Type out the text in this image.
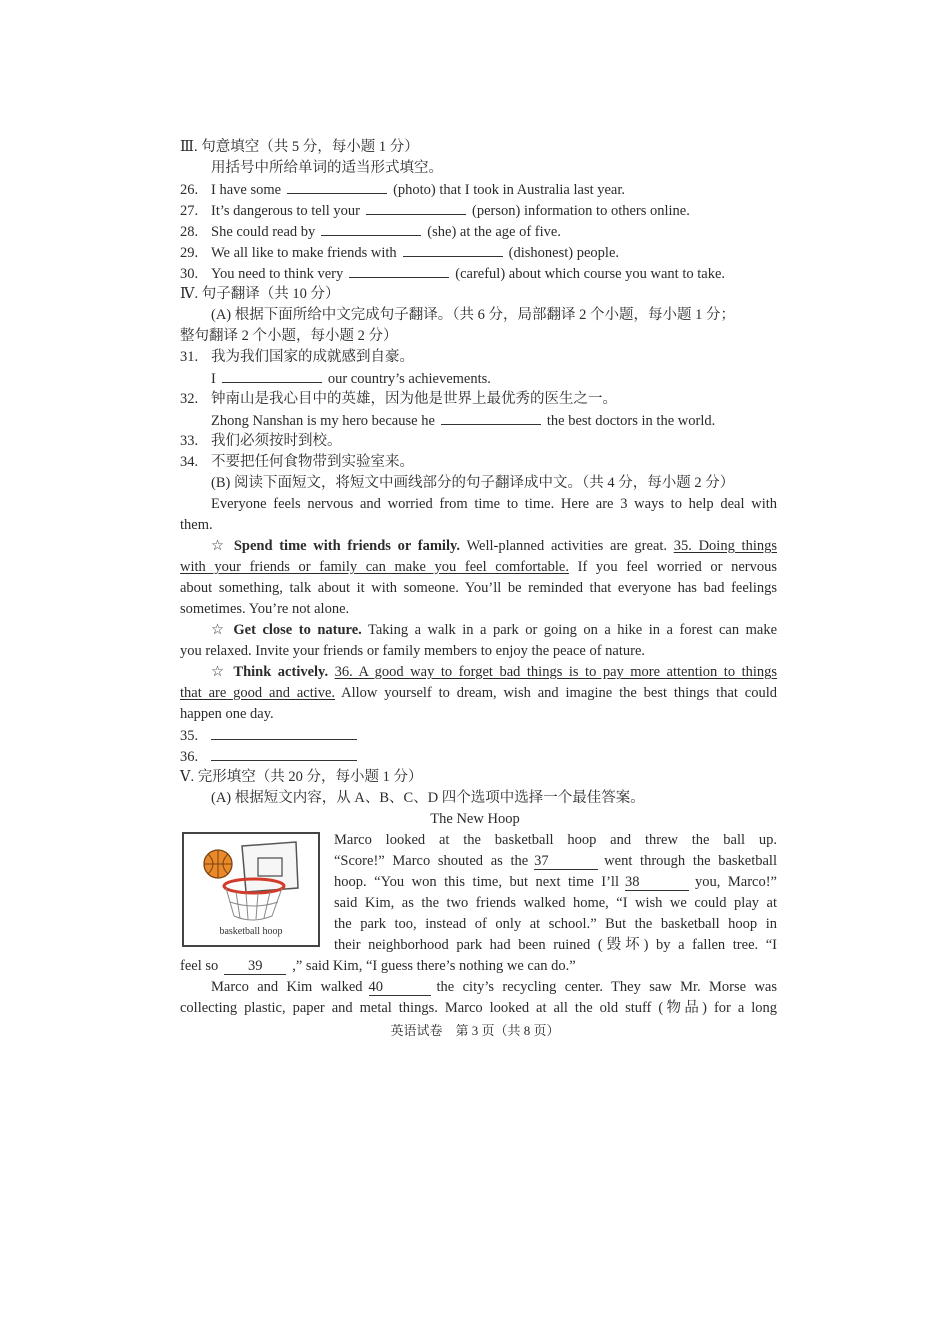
Ⅲ. 句意填空（共 5 分，每小题 1 分）
用括号中所给单词的适当形式填空。
26. I have some	(photo) that I took in Australia last year.
27. It’s dangerous to tell your	(person) information to others online.
28. She could read by	(she) at the age of five.
29. We all like to make friends with	(dishonest) people.
30. You need to think very	(careful) about which course you want to take.
Ⅳ. 句子翻译（共 10 分）
(A) 根据下面所给中文完成句子翻译。（共 6 分，局部翻译 2 个小题，每小题 1 分；
整句翻译 2 个小题，每小题 2 分）
31. 我为我们国家的成就感到自豪。
I	our country’s achievements.
32. 钟南山是我心目中的英雄，因为他是世界上最优秀的医生之一。
Zhong Nanshan is my hero because he	the best doctors in the world.
33. 我们必须按时到校。
34. 不要把任何食物带到实验室来。
(B) 阅读下面短文，将短文中画线部分的句子翻译成中文。（共 4 分，每小题 2 分）
Everyone feels nervous and worried from time to time. Here are 3 ways to help deal with
them.
☆ Spend time with friends or family. Well-planned activities are great. 35. Doing things
with your friends or family can make you feel comfortable. If you feel worried or nervous
about something, talk about it with someone. You’ll be reminded that everyone has bad feelings
sometimes. You’re not alone.
☆ Get close to nature. Taking a walk in a park or going on a hike in a forest can make
you relaxed. Invite your friends or family members to enjoy the peace of nature.
☆ Think actively. 36. A good way to forget bad things is to pay more attention to things
that are good and active. Allow yourself to dream, wish and imagine the best things that could
happen one day.
35.
36.
Ⅴ. 完形填空（共 20 分，每小题 1 分）
(A) 根据短文内容，从 A、B、C、D 四个选项中选择一个最佳答案。
The New Hoop
basketball hoop
Marco looked at the basketball hoop and threw the ball up.
“Score!” Marco shouted as the 37	went through the basketball
hoop. “You won this time, but next time I’ll 38	you, Marco!”
said Kim, as the two friends walked home, “I wish we could play at
the park too, instead of only at school.” But the basketball hoop in
their neighborhood park had been ruined (毁坏) by a fallen tree. “I
feel so 39 ,” said Kim, “I guess there’s nothing we can do.”
Marco and Kim walked 40	the city’s recycling center. They saw Mr. Morse was
collecting plastic, paper and metal things. Marco looked at all the old stuff (物品) for a long
英语试卷　第 3 页（共 8 页）
